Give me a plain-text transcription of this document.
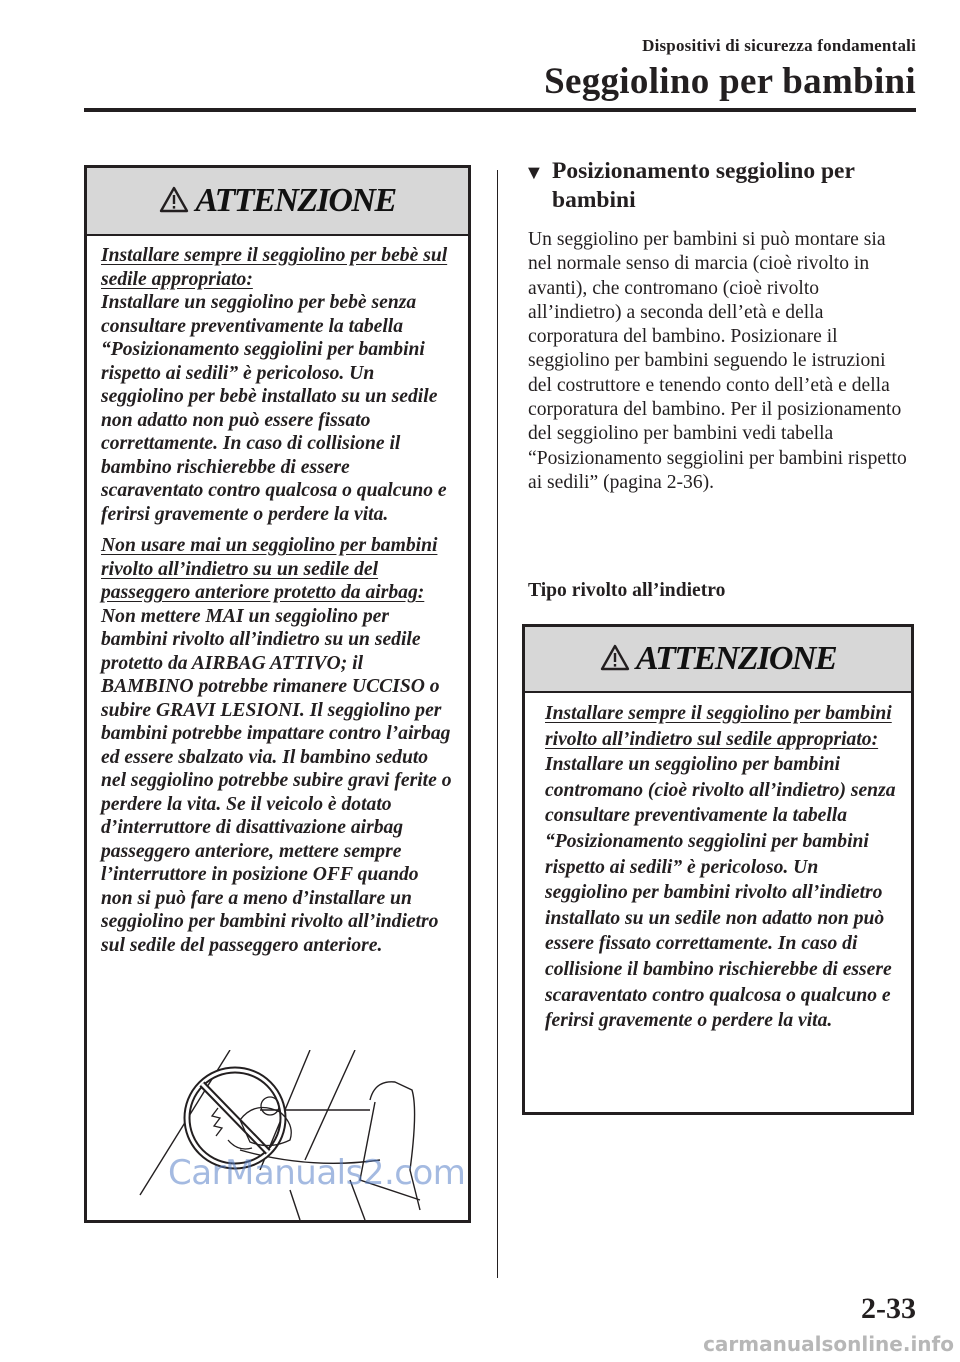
Dispositivi di sicurezza fondamentali
Seggiolino per bambini
ATTENZIONE

Installare sempre il seggiolino per bebè sul sedile appropriato:
Installare un seggiolino per bebè senza consultare preventivamente la tabella “Posizionamento seggiolini per bambini rispetto ai sedili” è pericoloso. Un seggiolino per bebè installato su un sedile non adatto non può essere fissato correttamente. In caso di collisione il bambino rischierebbe di essere scaraventato contro qualcosa o qualcuno e ferirsi gravemente o perdere la vita.

Non usare mai un seggiolino per bambini rivolto all’indietro su un sedile del passeggero anteriore protetto da airbag:
Non mettere MAI un seggiolino per bambini rivolto all’indietro su un sedile protetto da AIRBAG ATTIVO; il BAMBINO potrebbe rimanere UCCISO o subire GRAVI LESIONI. Il seggiolino per bambini potrebbe impattare contro l’airbag ed essere sbalzato via. Il bambino seduto nel seggiolino potrebbe subire gravi ferite o perdere la vita. Se il veicolo è dotato d’interruttore di disattivazione airbag passeggero anteriore, mettere sempre l’interruttore in posizione OFF quando non si può fare a meno d’installare un seggiolino per bambini rivolto all’indietro sul sedile del passeggero anteriore.

CarManuals2.com
▼ Posizionamento seggiolino per bambini

Un seggiolino per bambini si può montare sia nel normale senso di marcia (cioè rivolto in avanti), che contromano (cioè rivolto all’indietro) a seconda dell’età e della corporatura del bambino. Posizionare il seggiolino per bambini seguendo le istruzioni del costruttore e tenendo conto dell’età e della corporatura del bambino. Per il posizionamento del seggiolino per bambini vedi tabella “Posizionamento seggiolini per bambini rispetto ai sedili” (pagina 2-36).

Tipo rivolto all’indietro
ATTENZIONE

Installare sempre il seggiolino per bambini rivolto all’indietro sul sedile appropriato:
Installare un seggiolino per bambini contromano (cioè rivolto all’indietro) senza consultare preventivamente la tabella “Posizionamento seggiolini per bambini rispetto ai sedili” è pericoloso. Un seggiolino per bambini rivolto all’indietro installato su un sedile non adatto non può essere fissato correttamente. In caso di collisione il bambino rischierebbe di essere scaraventato contro qualcosa o qualcuno e ferirsi gravemente o perdere la vita.

2-33
carmanualsonline.info
